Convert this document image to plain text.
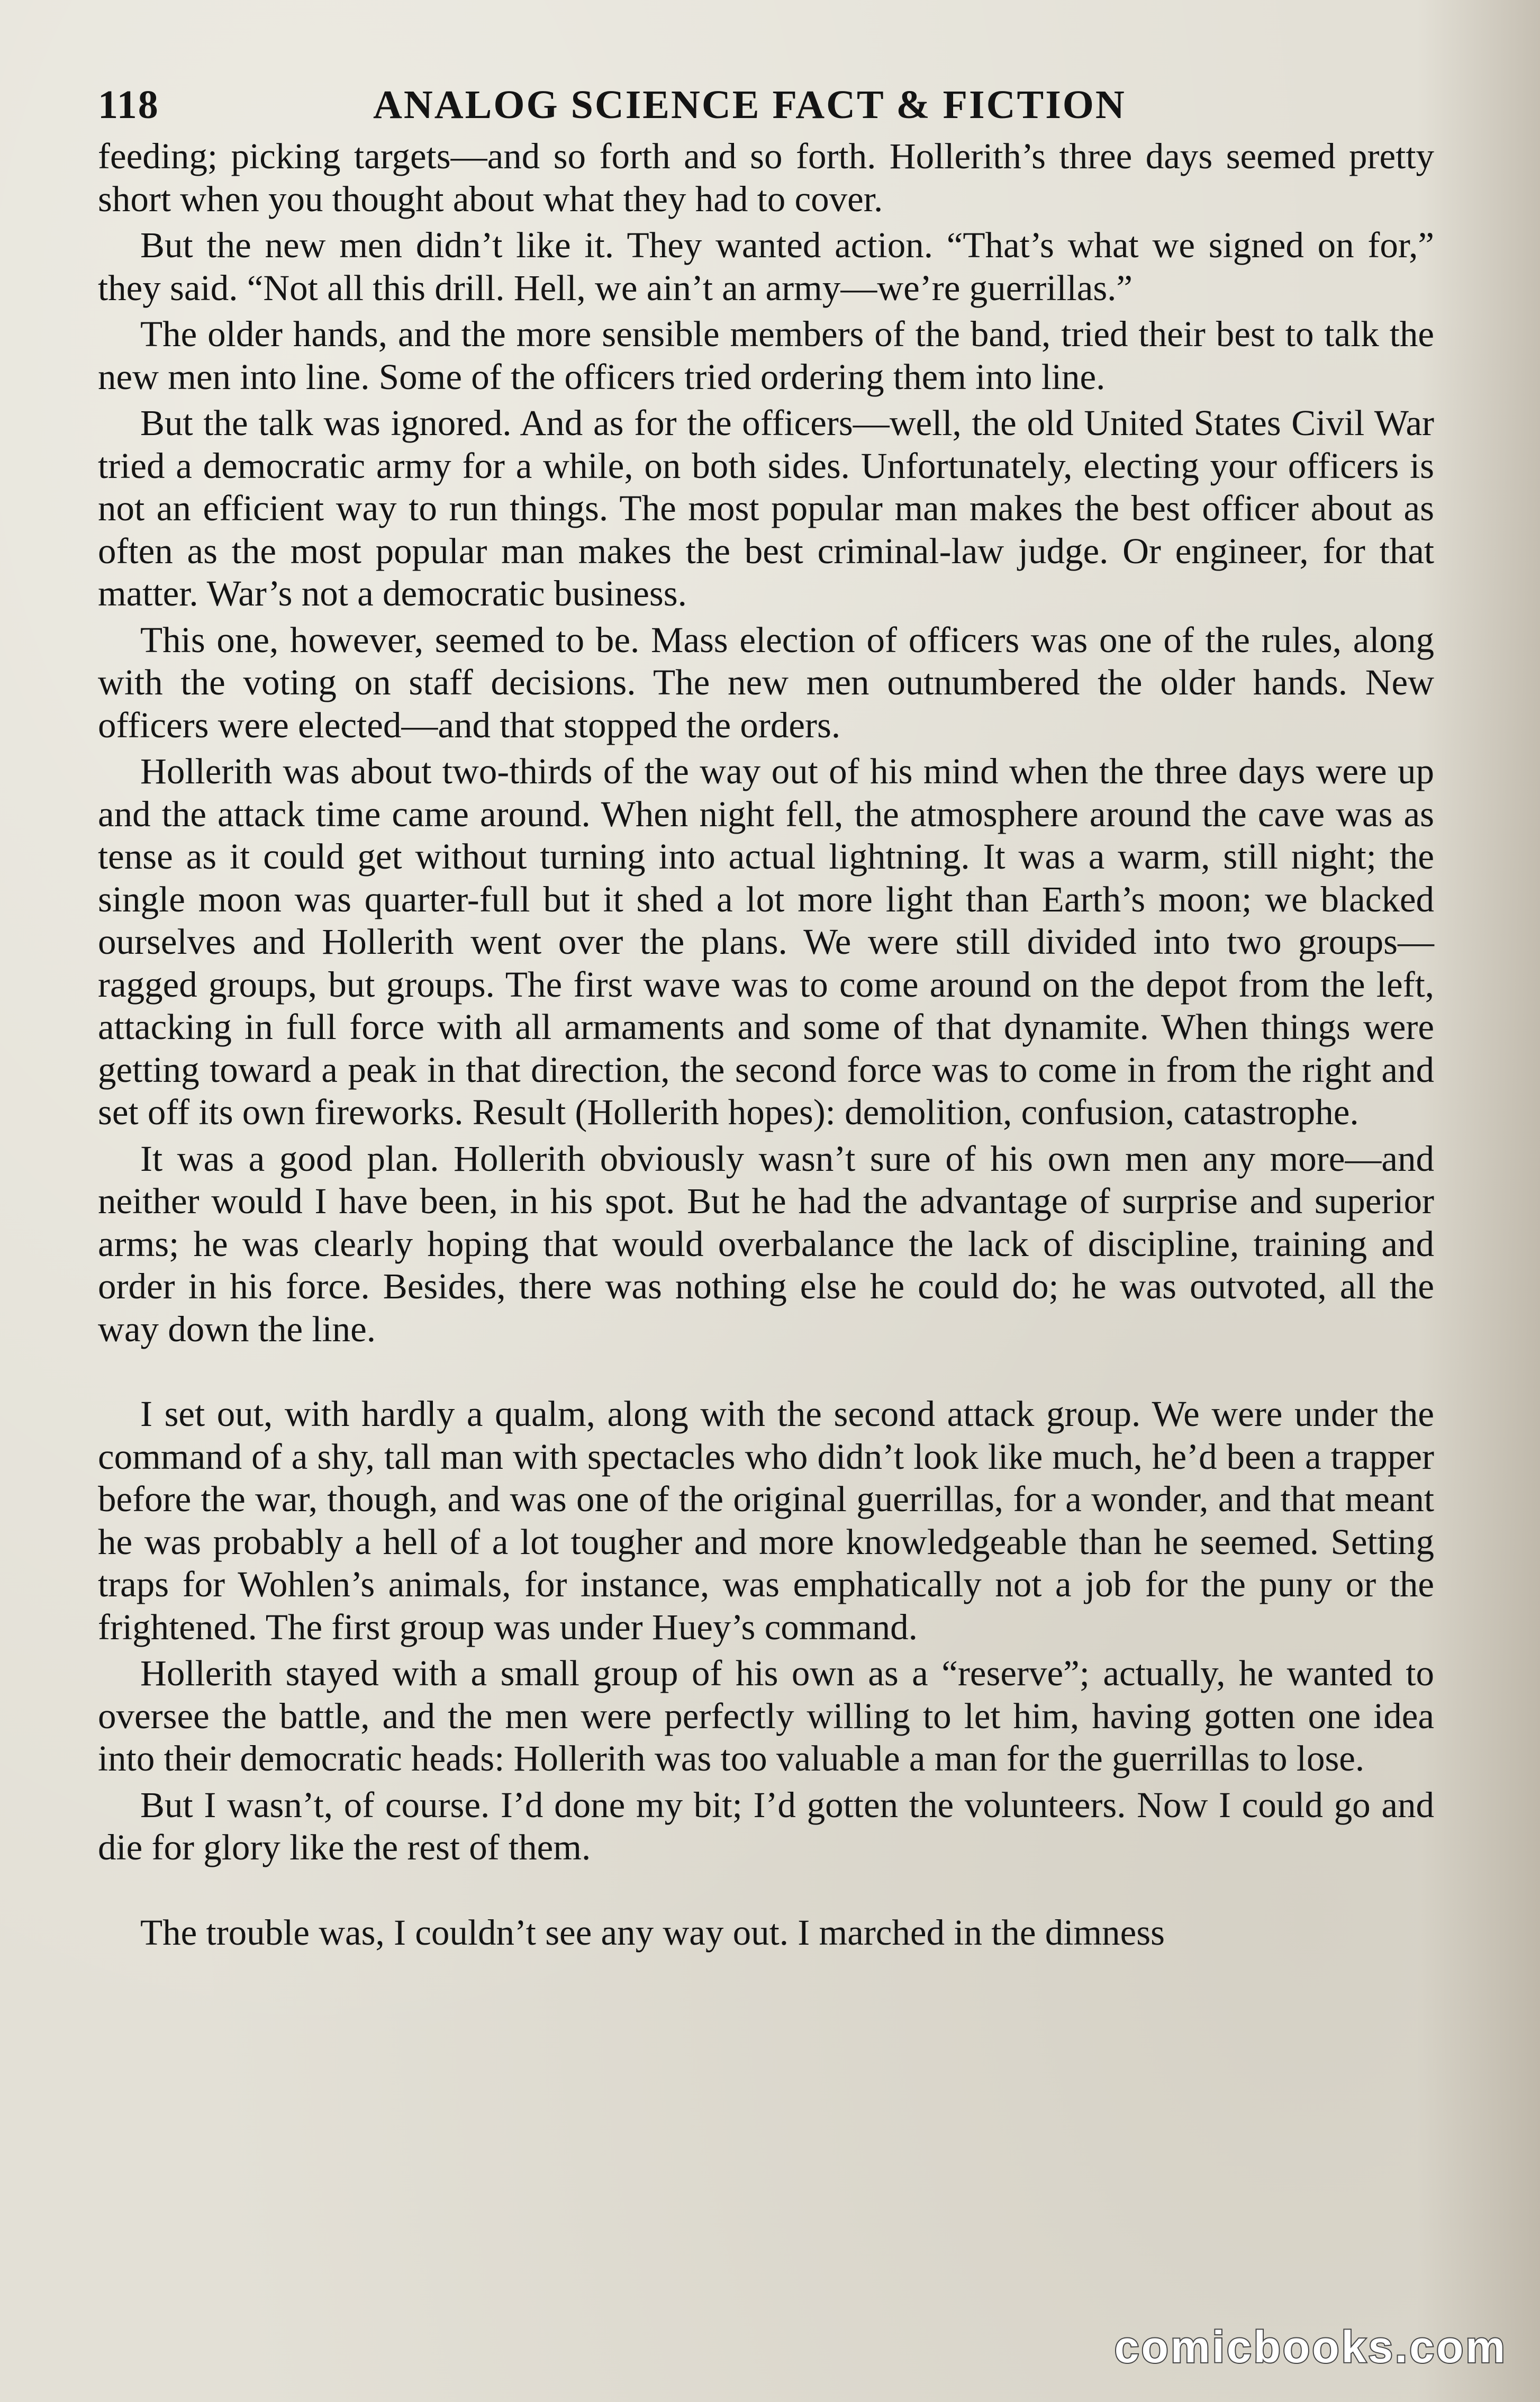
118	ANALOG SCIENCE FACT & FICTION

feeding; picking targets—and so forth and so forth. Hollerith’s three days seemed pretty short when you thought about what they had to cover.

But the new men didn’t like it. They wanted action. “That’s what we signed on for,” they said. “Not all this drill. Hell, we ain’t an army—we’re guerrillas.”

The older hands, and the more sensible members of the band, tried their best to talk the new men into line. Some of the officers tried ordering them into line.

But the talk was ignored. And as for the officers—well, the old United States Civil War tried a democratic army for a while, on both sides. Unfortunately, electing your officers is not an efficient way to run things. The most popular man makes the best officer about as often as the most popular man makes the best criminal-law judge. Or engineer, for that matter. War’s not a democratic business.

This one, however, seemed to be. Mass election of officers was one of the rules, along with the voting on staff decisions. The new men outnumbered the older hands. New officers were elected—and that stopped the orders.

Hollerith was about two-thirds of the way out of his mind when the three days were up and the attack time came around. When night fell, the atmosphere around the cave was as tense as it could get without turning into actual lightning. It was a warm, still night; the single moon was quarter-full but it shed a lot more light than Earth’s moon; we blacked ourselves and Hollerith went over the plans. We were still divided into two groups—ragged groups, but groups. The first wave was to come around on the depot from the left, attacking in full force with all armaments and some of that dynamite. When things were getting toward a peak in that direction, the second force was to come in from the right and set off its own fireworks. Result (Hollerith hopes): demolition, confusion, catastrophe.

It was a good plan. Hollerith obviously wasn’t sure of his own men any more—and neither would I have been, in his spot. But he had the advantage of surprise and superior arms; he was clearly hoping that would overbalance the lack of discipline, training and order in his force. Besides, there was nothing else he could do; he was outvoted, all the way down the line.

I set out, with hardly a qualm, along with the second attack group. We were under the command of a shy, tall man with spectacles who didn’t look like much, he’d been a trapper before the war, though, and was one of the original guerrillas, for a wonder, and that meant he was probably a hell of a lot tougher and more knowledgeable than he seemed. Setting traps for Wohlen’s animals, for instance, was emphatically not a job for the puny or the frightened. The first group was under Huey’s command.

Hollerith stayed with a small group of his own as a “reserve”; actually, he wanted to oversee the battle, and the men were perfectly willing to let him, having gotten one idea into their democratic heads: Hollerith was too valuable a man for the guerrillas to lose.

But I wasn’t, of course. I’d done my bit; I’d gotten the volunteers. Now I could go and die for glory like the rest of them.

The trouble was, I couldn’t see any way out. I marched in the dimness

comicbooks.com
